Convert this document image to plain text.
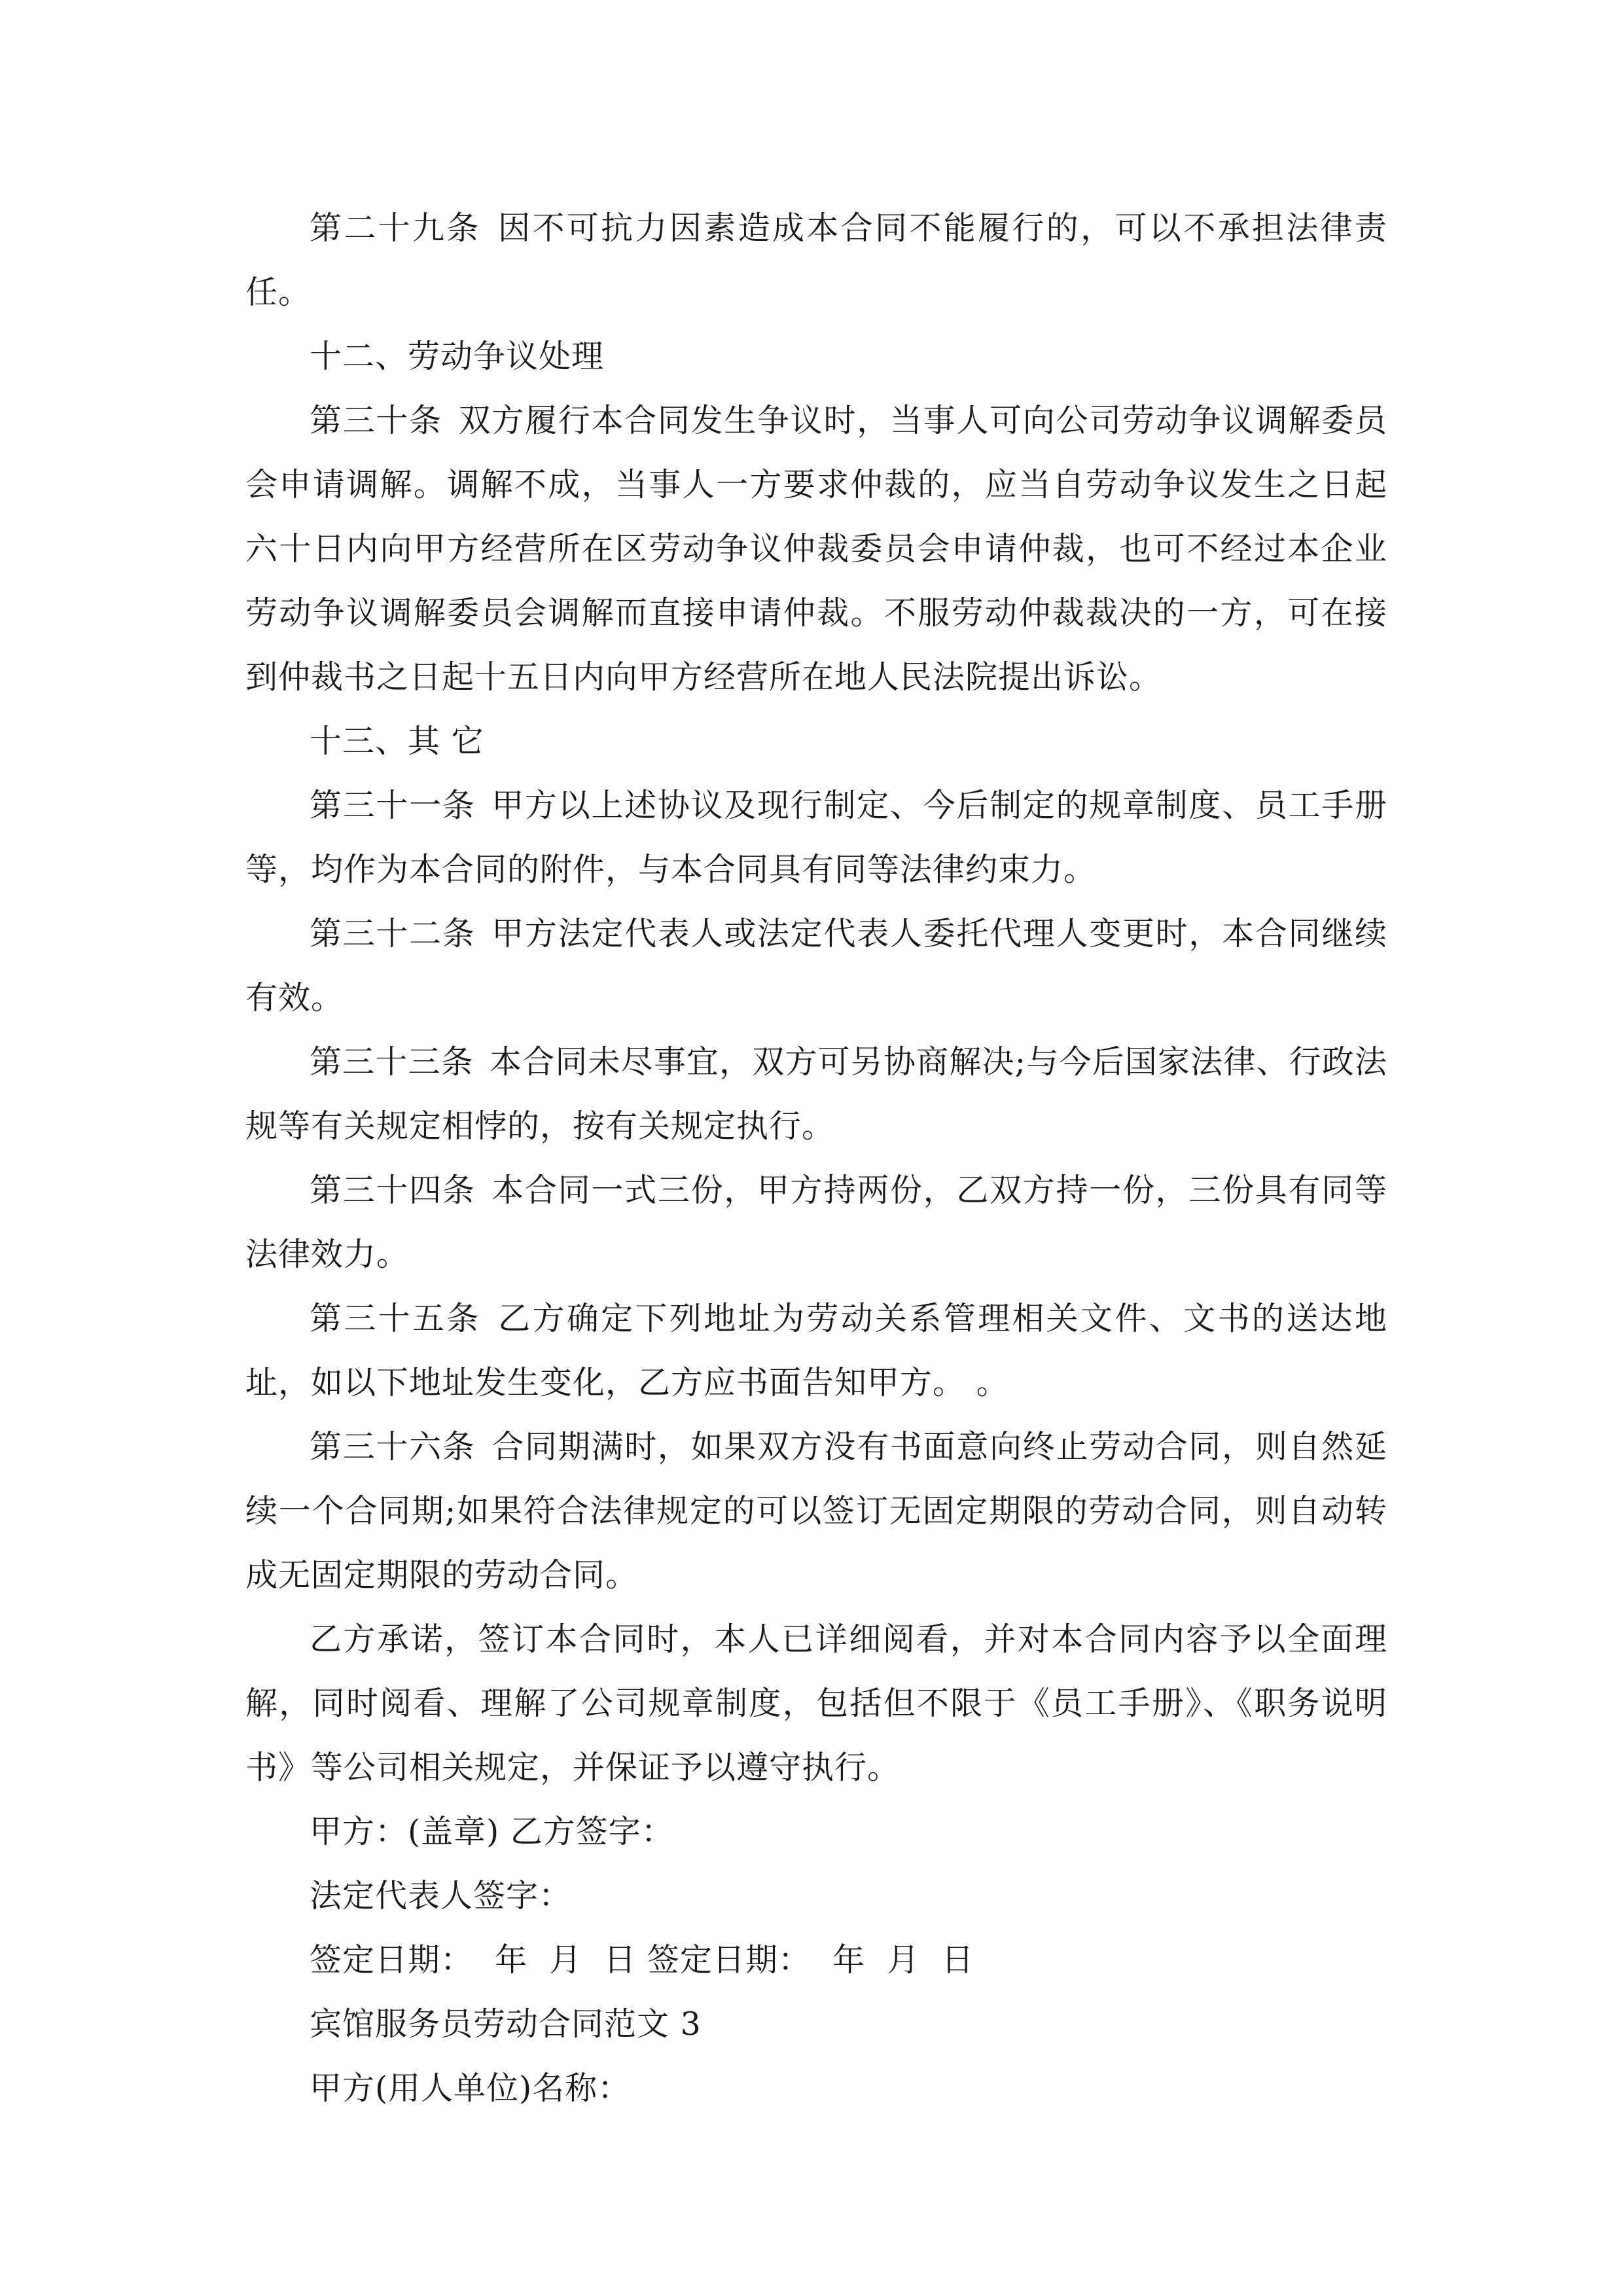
第二十九条 因不可抗力因素造成本合同不能履行的，可以不承担法律责任。

十二、劳动争议处理

第三十条 双方履行本合同发生争议时，当事人可向公司劳动争议调解委员会申请调解。调解不成，当事人一方要求仲裁的，应当自劳动争议发生之日起六十日内向甲方经营所在区劳动争议仲裁委员会申请仲裁，也可不经过本企业劳动争议调解委员会调解而直接申请仲裁。不服劳动仲裁裁决的一方，可在接到仲裁书之日起十五日内向甲方经营所在地人民法院提出诉讼。

十三、其 它

第三十一条 甲方以上述协议及现行制定、今后制定的规章制度、员工手册等，均作为本合同的附件，与本合同具有同等法律约束力。

第三十二条 甲方法定代表人或法定代表人委托代理人变更时，本合同继续有效。

第三十三条 本合同未尽事宜，双方可另协商解决;与今后国家法律、行政法规等有关规定相悖的，按有关规定执行。

第三十四条 本合同一式三份，甲方持两份，乙双方持一份，三份具有同等法律效力。

第三十五条 乙方确定下列地址为劳动关系管理相关文件、文书的送达地址，如以下地址发生变化，乙方应书面告知甲方。 。

第三十六条 合同期满时，如果双方没有书面意向终止劳动合同，则自然延续一个合同期;如果符合法律规定的可以签订无固定期限的劳动合同，则自动转成无固定期限的劳动合同。

乙方承诺，签订本合同时，本人已详细阅看，并对本合同内容予以全面理解，同时阅看、理解了公司规章制度，包括但不限于《员工手册》、《职务说明书》等公司相关规定，并保证予以遵守执行。

甲方：(盖章) 乙方签字：

法定代表人签字：

签定日期：  年  月  日 签定日期：  年  月  日

宾馆服务员劳动合同范文 3

甲方(用人单位)名称：
